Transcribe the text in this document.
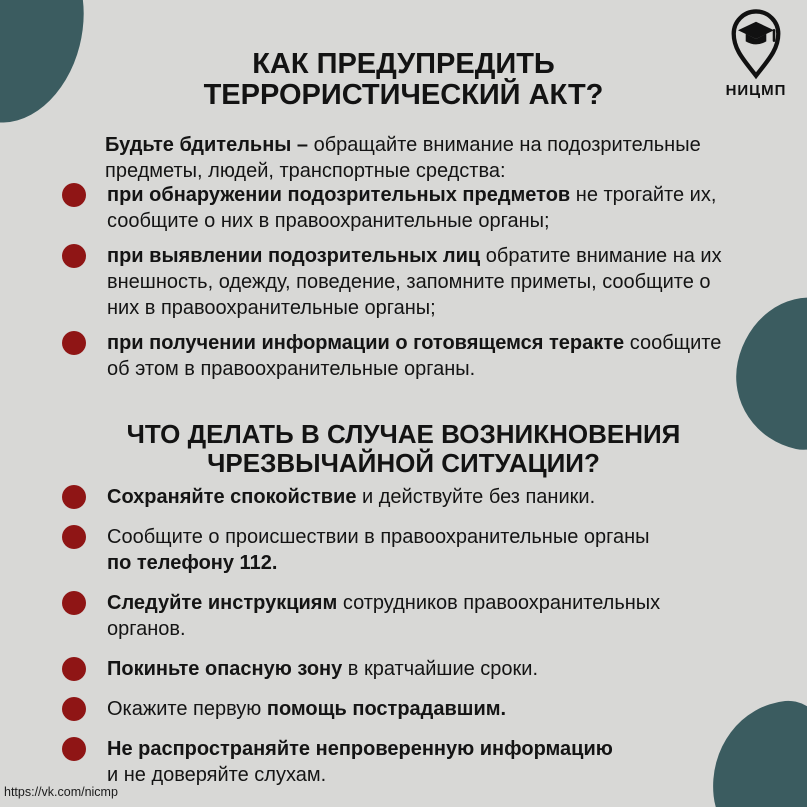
НИЦМП
КАК ПРЕДУПРЕДИТЬ
ТЕРРОРИСТИЧЕСКИЙ АКТ?

Будьте бдительны – обращайте внимание на подозрительные предметы, людей, транспортные средства:

при обнаружении подозрительных предметов не трогайте их, сообщите о них в правоохранительные органы;

при выявлении подозрительных лиц обратите внимание на их внешность, одежду, поведение, запомните приметы, сообщите о них в правоохранительные органы;

при получении информации о готовящемся теракте сообщите об этом в правоохранительные органы.

ЧТО ДЕЛАТЬ В СЛУЧАЕ ВОЗНИКНОВЕНИЯ
ЧРЕЗВЫЧАЙНОЙ СИТУАЦИИ?

Сохраняйте спокойствие и действуйте без паники.

Сообщите о происшествии в правоохранительные органы
по телефону 112.

Следуйте инструкциям сотрудников правоохранительных органов.

Покиньте опасную зону в кратчайшие сроки.

Окажите первую помощь пострадавшим.

Не распространяйте непроверенную информацию
и не доверяйте слухам.

https://vk.com/nicmp
